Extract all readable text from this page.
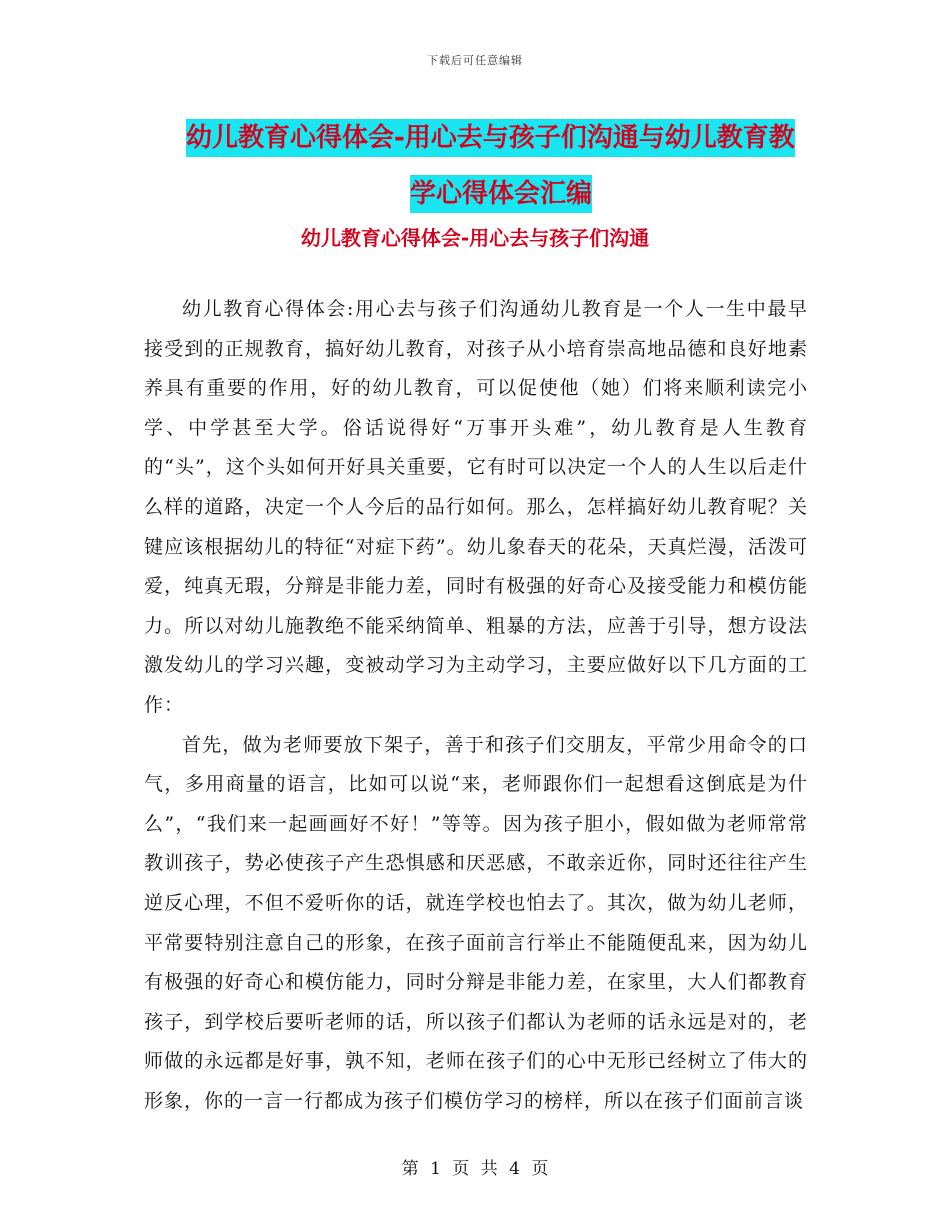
下载后可任意编辑
幼儿教育心得体会-用心去与孩子们沟通与幼儿教育教
学心得体会汇编
幼儿教育心得体会-用心去与孩子们沟通

幼儿教育心得体会:用心去与孩子们沟通幼儿教育是一个人一生中最早接受到的正规教育，搞好幼儿教育，对孩子从小培育崇高地品德和良好地素养具有重要的作用，好的幼儿教育，可以促使他（她）们将来顺利读完小学、中学甚至大学。俗话说得好“万事开头难”，幼儿教育是人生教育的“头”，这个头如何开好具关重要，它有时可以决定一个人的人生以后走什么样的道路，决定一个人今后的品行如何。那么，怎样搞好幼儿教育呢？关键应该根据幼儿的特征“对症下药”。幼儿象春天的花朵，天真烂漫，活泼可爱，纯真无瑕，分辩是非能力差，同时有极强的好奇心及接受能力和模仿能力。所以对幼儿施教绝不能采纳简单、粗暴的方法，应善于引导，想方设法激发幼儿的学习兴趣，变被动学习为主动学习，主要应做好以下几方面的工作：

首先，做为老师要放下架子，善于和孩子们交朋友，平常少用命令的口气，多用商量的语言，比如可以说“来，老师跟你们一起想看这倒底是为什么”，“我们来一起画画好不好！”等等。因为孩子胆小，假如做为老师常常教训孩子，势必使孩子产生恐惧感和厌恶感，不敢亲近你，同时还往往产生逆反心理，不但不爱听你的话，就连学校也怕去了。其次，做为幼儿老师，平常要特别注意自己的形象，在孩子面前言行举止不能随便乱来，因为幼儿有极强的好奇心和模仿能力，同时分辩是非能力差，在家里，大人们都教育孩子，到学校后要听老师的话，所以孩子们都认为老师的话永远是对的，老师做的永远都是好事，孰不知，老师在孩子们的心中无形已经树立了伟大的形象，你的一言一行都成为孩子们模仿学习的榜样，所以在孩子们面前言谈

第 1 页 共 4 页
